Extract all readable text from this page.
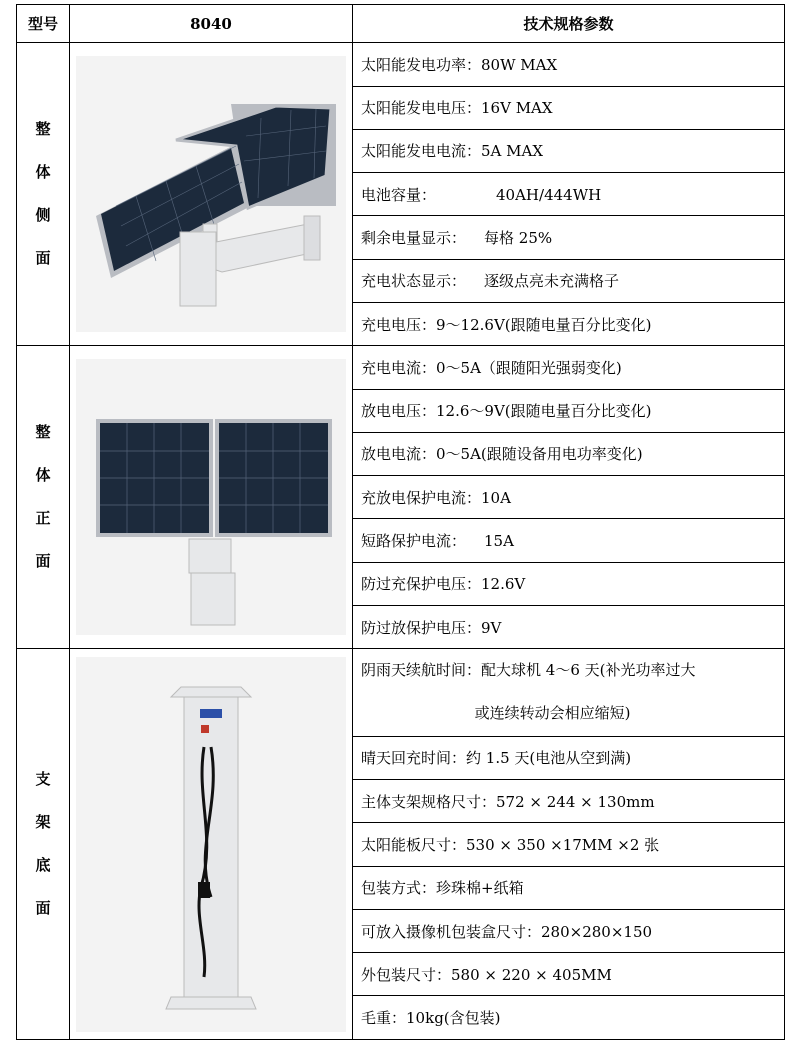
型号	8040	技术规格参数

整
体
侧
面		太阳能发电功率：80W MAX
		太阳能发电电压：16V MAX
		太阳能发电电流：5A MAX
		电池容量： 40AH/444WH
		剩余电量显示： 每格 25%
		充电状态显示： 逐级点亮未充满格子
		充电电压：9～12.6V(跟随电量百分比变化)

整
体
正
面		充电电流：0～5A（跟随阳光强弱变化)
		放电电压：12.6～9V(跟随电量百分比变化)
		放电电流：0～5A(跟随设备用电功率变化)
		充放电保护电流：10A
		短路保护电流： 15A
		防过充保护电压：12.6V
		防过放保护电压：9V

支
架
底
面		阴雨天续航时间：配大球机 4～6 天(补光功率过大
或连续转动会相应缩短)

		晴天回充时间：约 1.5 天(电池从空到满)
		主体支架规格尺寸：572 × 244 × 130mm
		太阳能板尺寸：530 × 350 ×17MM ×2 张
		包装方式：珍珠棉+纸箱
		可放入摄像机包装盒尺寸：280×280×150
		外包装尺寸：580 × 220 × 405MM
		毛重：10kg(含包装)
